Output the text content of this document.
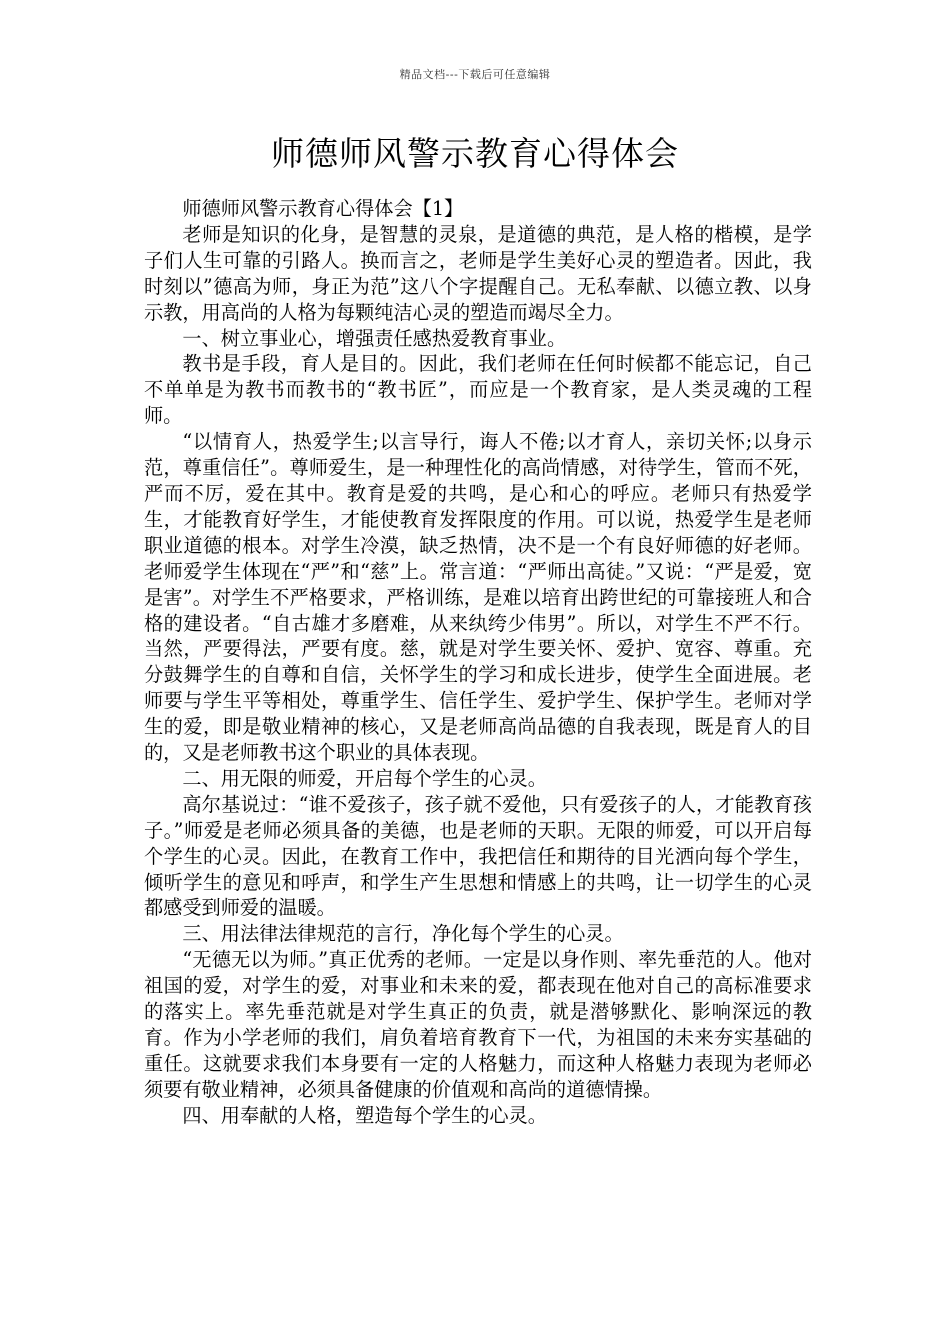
精品文档---下载后可任意编辑
师德师风警示教育心得体会

师德师风警示教育心得体会【1】

老师是知识的化身，是智慧的灵泉，是道德的典范，是人格的楷模，是学子们人生可靠的引路人。换而言之，老师是学生美好心灵的塑造者。因此，我时刻以”德高为师，身正为范”这八个字提醒自己。无私奉献、以德立教、以身示教，用高尚的人格为每颗纯洁心灵的塑造而竭尽全力。

一、树立事业心，增强责任感热爱教育事业。

教书是手段，育人是目的。因此，我们老师在任何时候都不能忘记，自己不单单是为教书而教书的“教书匠”，而应是一个教育家，是人类灵魂的工程师。

“以情育人，热爱学生;以言导行，诲人不倦;以才育人，亲切关怀;以身示范，尊重信任”。尊师爱生，是一种理性化的高尚情感，对待学生，管而不死，严而不厉，爱在其中。教育是爱的共鸣，是心和心的呼应。老师只有热爱学生，才能教育好学生，才能使教育发挥限度的作用。可以说，热爱学生是老师职业道德的根本。对学生冷漠，缺乏热情，决不是一个有良好师德的好老师。老师爱学生体现在“严”和“慈”上。常言道：“严师出高徒。”又说：“严是爱，宽是害”。对学生不严格要求，严格训练，是难以培育出跨世纪的可靠接班人和合格的建设者。“自古雄才多磨难，从来纨绔少伟男”。所以，对学生不严不行。当然，严要得法，严要有度。慈，就是对学生要关怀、爱护、宽容、尊重。充分鼓舞学生的自尊和自信，关怀学生的学习和成长进步，使学生全面进展。老师要与学生平等相处，尊重学生、信任学生、爱护学生、保护学生。老师对学生的爱，即是敬业精神的核心，又是老师高尚品德的自我表现，既是育人的目的，又是老师教书这个职业的具体表现。

二、用无限的师爱，开启每个学生的心灵。

高尔基说过：“谁不爱孩子，孩子就不爱他，只有爱孩子的人，才能教育孩子。”师爱是老师必须具备的美德，也是老师的天职。无限的师爱，可以开启每个学生的心灵。因此，在教育工作中，我把信任和期待的目光洒向每个学生，倾听学生的意见和呼声，和学生产生思想和情感上的共鸣，让一切学生的心灵都感受到师爱的温暖。

三、用法律法律规范的言行，净化每个学生的心灵。

“无德无以为师。”真正优秀的老师。一定是以身作则、率先垂范的人。他对祖国的爱，对学生的爱，对事业和未来的爱，都表现在他对自己的高标准要求的落实上。率先垂范就是对学生真正的负责，就是潜够默化、影响深远的教育。作为小学老师的我们，肩负着培育教育下一代，为祖国的未来夯实基础的重任。这就要求我们本身要有一定的人格魅力，而这种人格魅力表现为老师必须要有敬业精神，必须具备健康的价值观和高尚的道德情操。

四、用奉献的人格，塑造每个学生的心灵。
